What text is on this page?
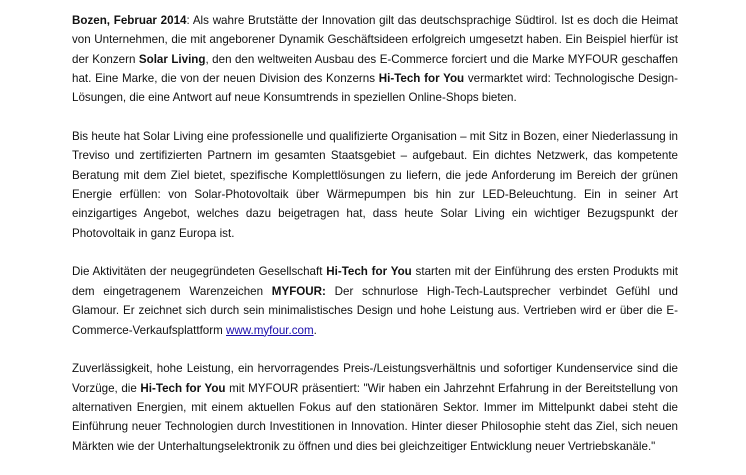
Bozen, Februar 2014: Als wahre Brutstätte der Innovation gilt das deutschsprachige Südtirol. Ist es doch die Heimat von Unternehmen, die mit angeborener Dynamik Geschäftsideen erfolgreich umgesetzt haben. Ein Beispiel hierfür ist der Konzern Solar Living, den den weltweiten Ausbau des E-Commerce forciert und die Marke MYFOUR geschaffen hat. Eine Marke, die von der neuen Division des Konzerns Hi-Tech for You vermarktet wird: Technologische Design-Lösungen, die eine Antwort auf neue Konsumtrends in speziellen Online-Shops bieten.

Bis heute hat Solar Living eine professionelle und qualifizierte Organisation – mit Sitz in Bozen, einer Niederlassung in Treviso und zertifizierten Partnern im gesamten Staatsgebiet – aufgebaut. Ein dichtes Netzwerk, das kompetente Beratung mit dem Ziel bietet, spezifische Komplettlösungen zu liefern, die jede Anforderung im Bereich der grünen Energie erfüllen: von Solar-Photovoltaik über Wärmepumpen bis hin zur LED-Beleuchtung. Ein in seiner Art einzigartiges Angebot, welches dazu beigetragen hat, dass heute Solar Living ein wichtiger Bezugspunkt der Photovoltaik in ganz Europa ist.

Die Aktivitäten der neugegründeten Gesellschaft Hi-Tech for You starten mit der Einführung des ersten Produkts mit dem eingetragenem Warenzeichen MYFOUR: Der schnurlose High-Tech-Lautsprecher verbindet Gefühl und Glamour. Er zeichnet sich durch sein minimalistisches Design und hohe Leistung aus. Vertrieben wird er über die E-Commerce-Verkaufsplattform www.myfour.com.

Zuverlässigkeit, hohe Leistung, ein hervorragendes Preis-/Leistungsverhältnis und sofortiger Kundenservice sind die Vorzüge, die Hi-Tech for You mit MYFOUR präsentiert: "Wir haben ein Jahrzehnt Erfahrung in der Bereitstellung von alternativen Energien, mit einem aktuellen Fokus auf den stationären Sektor. Immer im Mittelpunkt dabei steht die Einführung neuer Technologien durch Investitionen in Innovation. Hinter dieser Philosophie steht das Ziel, sich neuen Märkten wie der Unterhaltungselektronik zu öffnen und dies bei gleichzeitiger Entwicklung neuer Vertriebskanäle."
